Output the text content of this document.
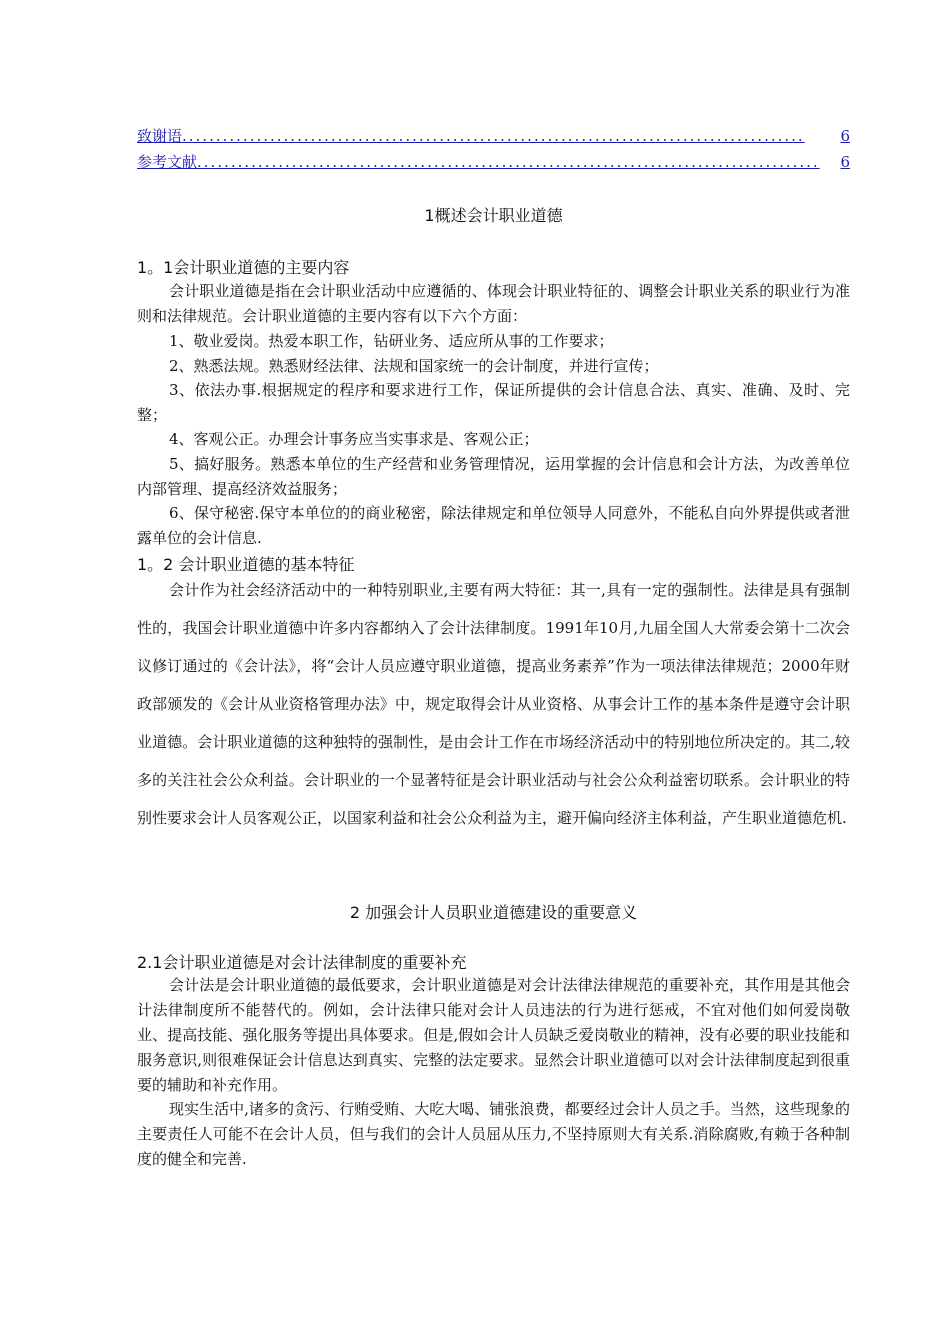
致谢语 ............................................................................................	6
参考文献 ............................................................................................	6
1概述会计职业道德
1。1会计职业道德的主要内容

会计职业道德是指在会计职业活动中应遵循的、体现会计职业特征的、调整会计职业关系的职业行为准则和法律规范。会计职业道德的主要内容有以下六个方面：

1、敬业爱岗。热爱本职工作，钻研业务、适应所从事的工作要求；

2、熟悉法规。熟悉财经法律、法规和国家统一的会计制度，并进行宣传；

3、依法办事.根据规定的程序和要求进行工作，保证所提供的会计信息合法、真实、准确、及时、完整；

4、客观公正。办理会计事务应当实事求是、客观公正；

5、搞好服务。熟悉本单位的生产经营和业务管理情况，运用掌握的会计信息和会计方法，为改善单位内部管理、提高经济效益服务；

6、保守秘密.保守本单位的的商业秘密，除法律规定和单位领导人同意外，不能私自向外界提供或者泄露单位的会计信息.

1。2 会计职业道德的基本特征

会计作为社会经济活动中的一种特别职业,主要有两大特征：其一,具有一定的强制性。法律是具有强制性的，我国会计职业道德中许多内容都纳入了会计法律制度。1991年10月,九届全国人大常委会第十二次会议修订通过的《会计法》，将“会计人员应遵守职业道德，提高业务素养”作为一项法律法律规范；2000年财政部颁发的《会计从业资格管理办法》中，规定取得会计从业资格、从事会计工作的基本条件是遵守会计职业道德。会计职业道德的这种独特的强制性，是由会计工作在市场经济活动中的特别地位所决定的。其二,较多的关注社会公众利益。会计职业的一个显著特征是会计职业活动与社会公众利益密切联系。会计职业的特别性要求会计人员客观公正，以国家利益和社会公众利益为主，避开偏向经济主体利益，产生职业道德危机.

2 加强会计人员职业道德建设的重要意义
2.1会计职业道德是对会计法律制度的重要补充

会计法是会计职业道德的最低要求，会计职业道德是对会计法律法律规范的重要补充，其作用是其他会计法律制度所不能替代的。例如，会计法律只能对会计人员违法的行为进行惩戒，不宜对他们如何爱岗敬业、提高技能、强化服务等提出具体要求。但是,假如会计人员缺乏爱岗敬业的精神，没有必要的职业技能和服务意识,则很难保证会计信息达到真实、完整的法定要求。显然会计职业道德可以对会计法律制度起到很重要的辅助和补充作用。

现实生活中,诸多的贪污、行贿受贿、大吃大喝、铺张浪费，都要经过会计人员之手。当然，这些现象的主要责任人可能不在会计人员，但与我们的会计人员屈从压力,不坚持原则大有关系.消除腐败,有赖于各种制度的健全和完善.
